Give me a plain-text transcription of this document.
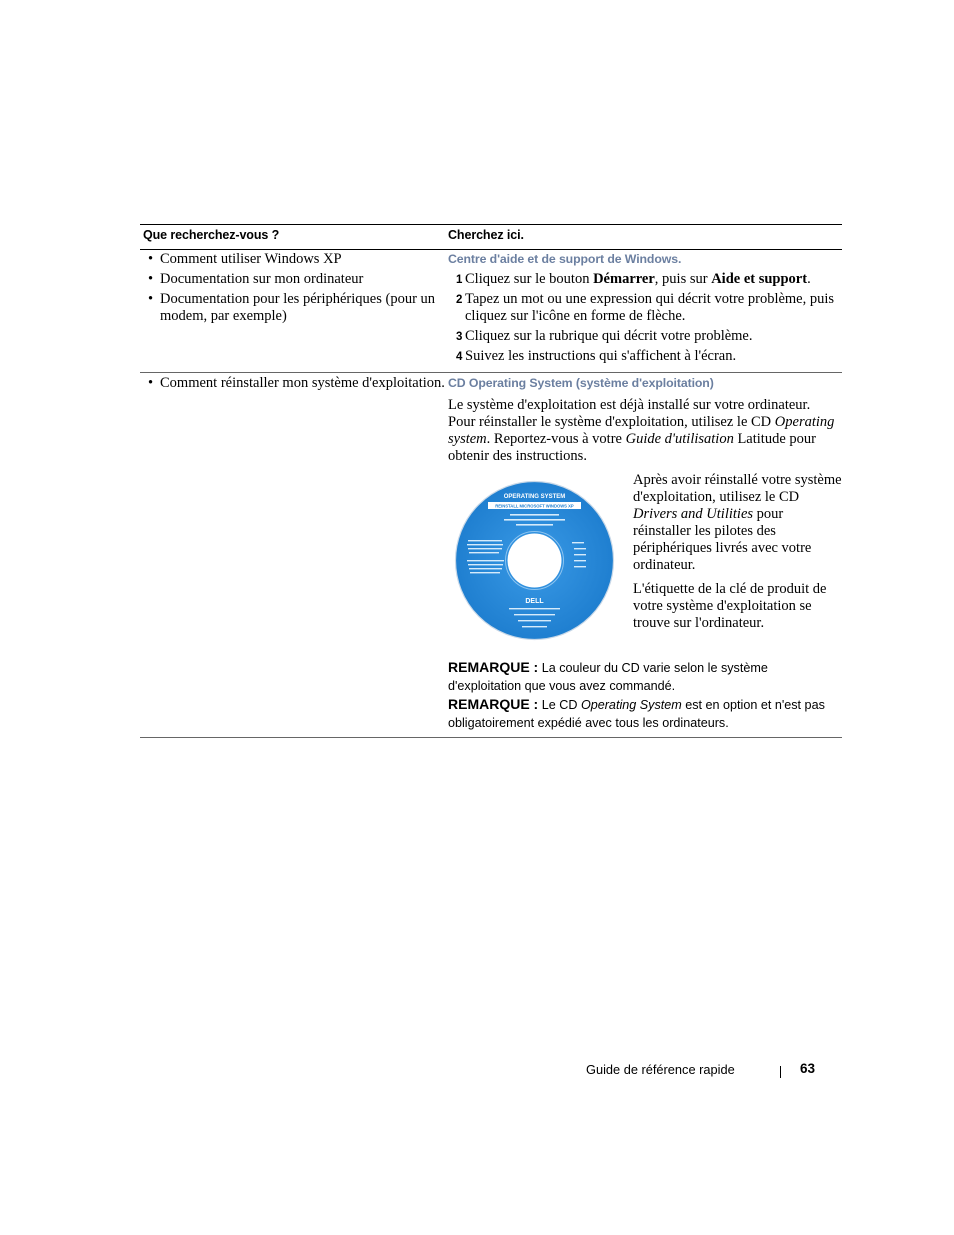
Que recherchez-vous ?	Cherchez ici.
• Comment utiliser Windows XP
• Documentation sur mon ordinateur
• Documentation pour les périphériques (pour un modem, par exemple)
Centre d'aide et de support de Windows.
1 Cliquez sur le bouton Démarrer, puis sur Aide et support.
2 Tapez un mot ou une expression qui décrit votre problème, puis cliquez sur l'icône en forme de flèche.
3 Cliquez sur la rubrique qui décrit votre problème.
4 Suivez les instructions qui s'affichent à l'écran.
• Comment réinstaller mon système d'exploitation. CD Operating System (système d'exploitation)
Le système d'exploitation est déjà installé sur votre ordinateur. Pour réinstaller le système d'exploitation, utilisez le CD Operating system. Reportez-vous à votre Guide d'utilisation Latitude pour obtenir des instructions.
OPERATING SYSTEM
REINSTALL MICROSOFT WINDOWS XP
DELL
Après avoir réinstallé votre système d'exploitation, utilisez le CD Drivers and Utilities pour réinstaller les pilotes des périphériques livrés avec votre ordinateur.
L'étiquette de la clé de produit de votre système d'exploitation se trouve sur l'ordinateur.
REMARQUE : La couleur du CD varie selon le système d'exploitation que vous avez commandé.
REMARQUE : Le CD Operating System est en option et n'est pas obligatoirement expédié avec tous les ordinateurs.
Guide de référence rapide	63
